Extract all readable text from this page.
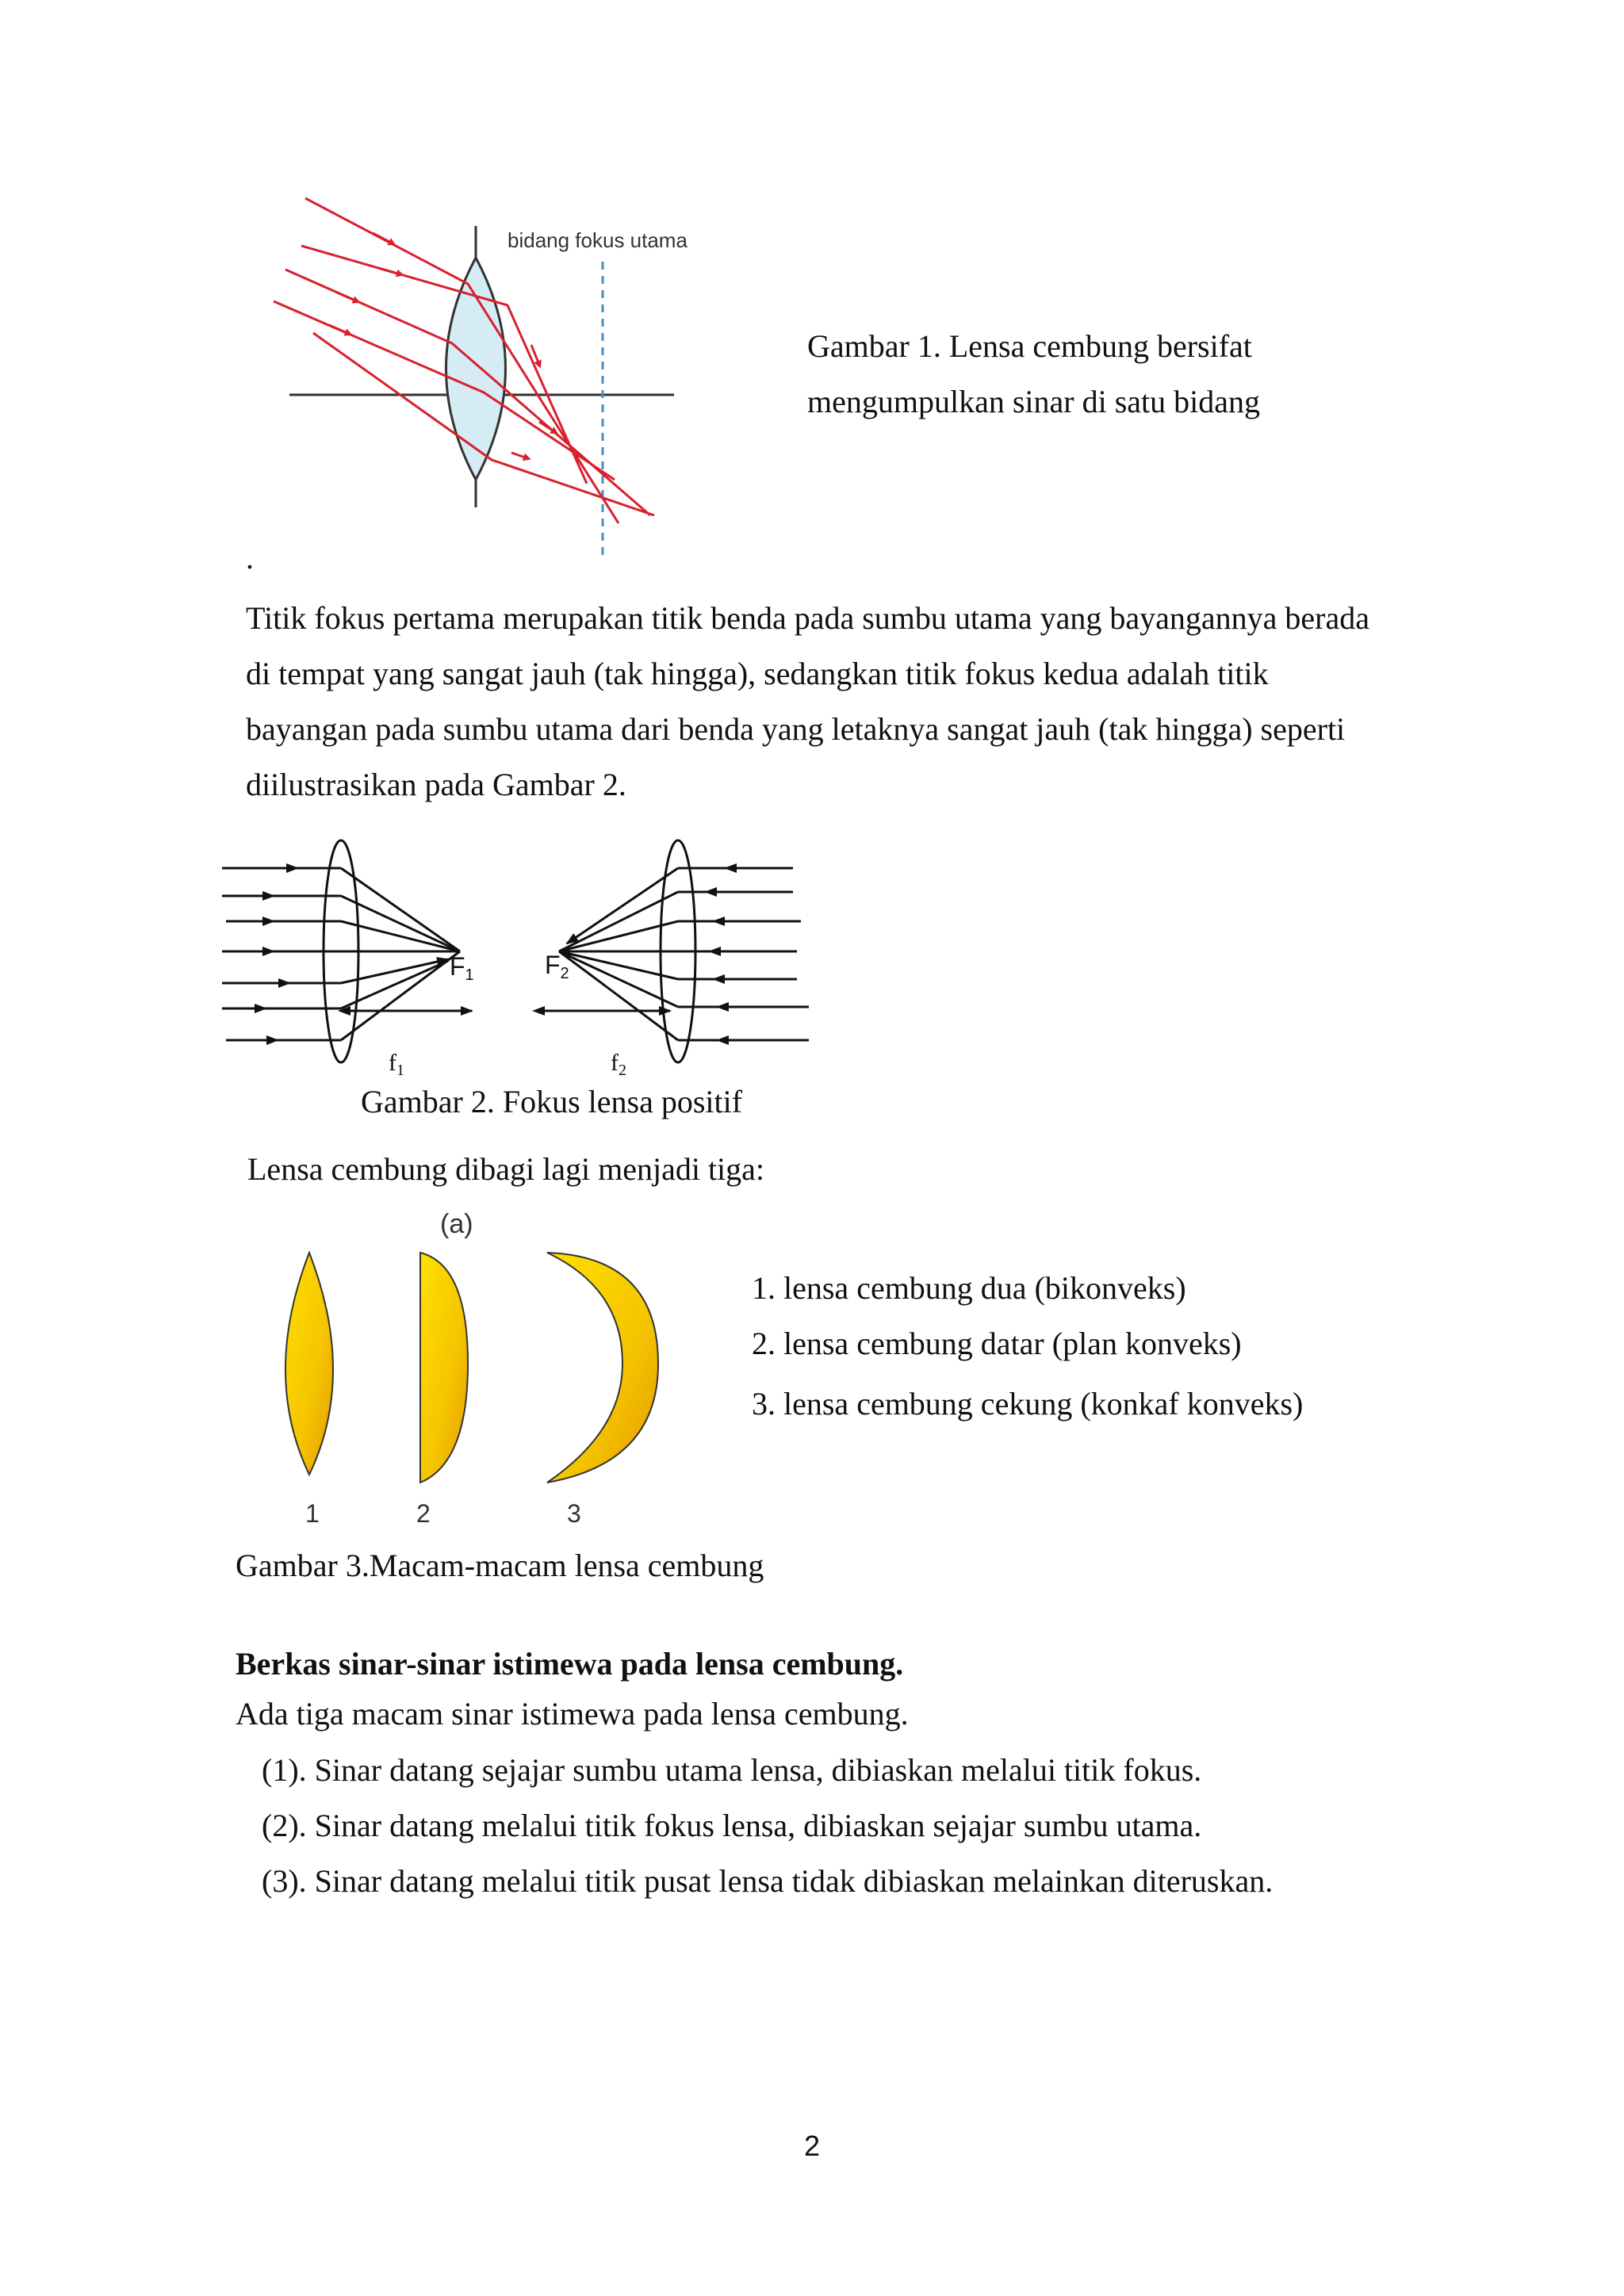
bidang fokus utama
Gambar 1. Lensa cembung bersifat
mengumpulkan sinar di satu bidang
.

Titik fokus pertama merupakan titik benda pada sumbu utama yang bayangannya berada

di tempat yang sangat jauh (tak hingga), sedangkan titik fokus kedua adalah titik

bayangan pada sumbu utama dari benda yang letaknya sangat jauh (tak hingga) seperti

diilustrasikan pada Gambar 2.

F1	F2
$f_1$	$f_2$
Gambar 2. Fokus lensa positif
Lensa cembung dibagi lagi menjadi tiga:
(a)
1	2	3
1. lensa cembung dua (bikonveks)
2. lensa cembung datar (plan konveks)
3. lensa cembung cekung (konkaf konveks)
Gambar 3.Macam-macam lensa cembung
Berkas sinar-sinar istimewa pada lensa cembung.
Ada tiga macam sinar istimewa pada lensa cembung.
(1). Sinar datang sejajar sumbu utama lensa, dibiaskan melalui titik fokus.
(2). Sinar datang melalui titik fokus lensa, dibiaskan sejajar sumbu utama.
(3). Sinar datang melalui titik pusat lensa tidak dibiaskan melainkan diteruskan.
2
